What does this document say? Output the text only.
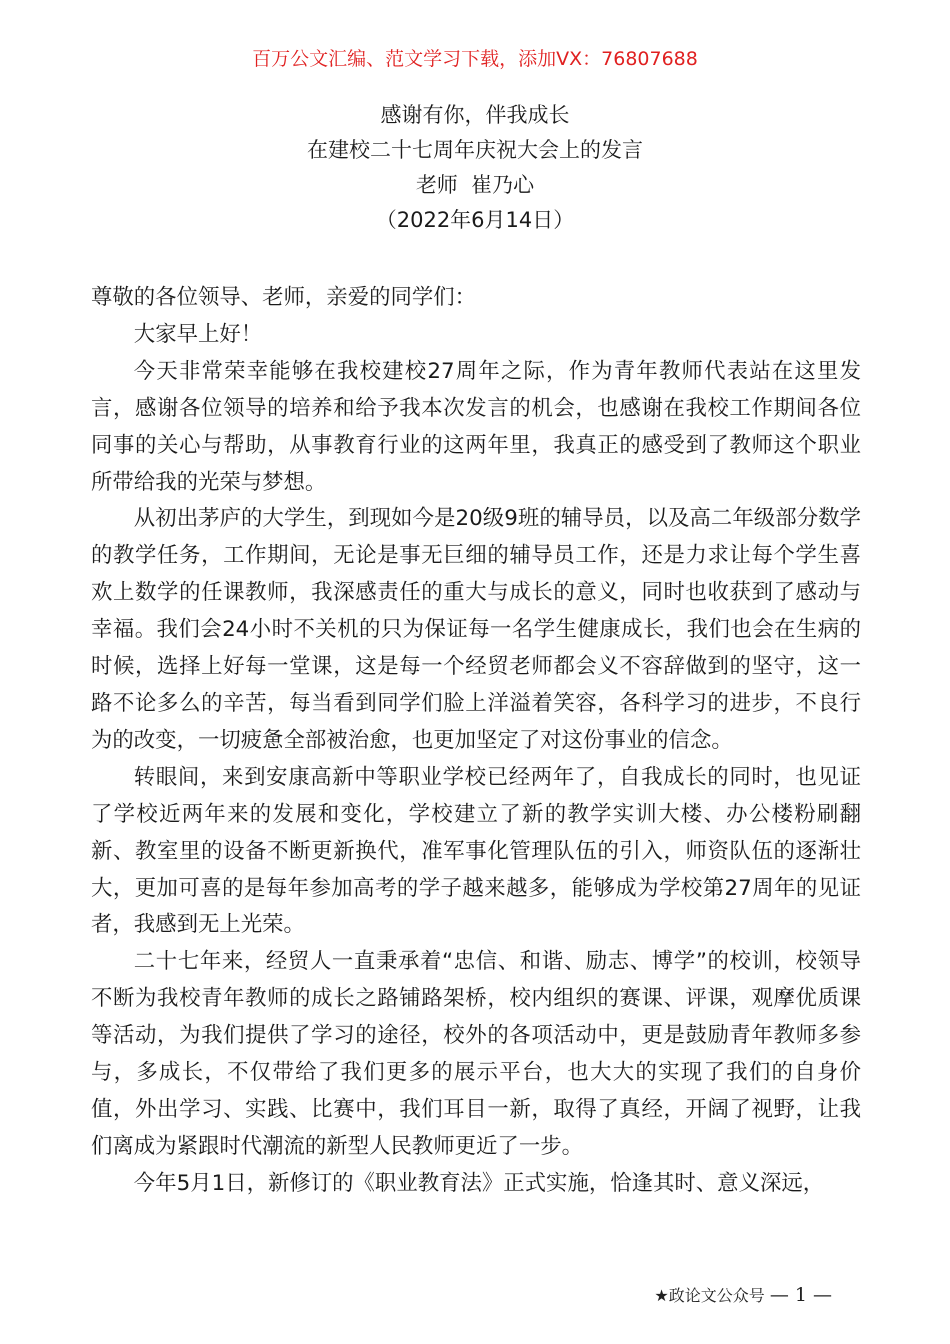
百万公文汇编、范文学习下载，添加VX：76807688
感谢有你，伴我成长
在建校二十七周年庆祝大会上的发言
老师  崔乃心
（2022年6月14日）

尊敬的各位领导、老师，亲爱的同学们：

大家早上好！

今天非常荣幸能够在我校建校27周年之际，作为青年教师代表站在这里发言，感谢各位领导的培养和给予我本次发言的机会，也感谢在我校工作期间各位同事的关心与帮助，从事教育行业的这两年里，我真正的感受到了教师这个职业所带给我的光荣与梦想。

从初出茅庐的大学生，到现如今是20级9班的辅导员，以及高二年级部分数学的教学任务，工作期间，无论是事无巨细的辅导员工作，还是力求让每个学生喜欢上数学的任课教师，我深感责任的重大与成长的意义，同时也收获到了感动与幸福。我们会24小时不关机的只为保证每一名学生健康成长，我们也会在生病的时候，选择上好每一堂课，这是每一个经贸老师都会义不容辞做到的坚守，这一路不论多么的辛苦，每当看到同学们脸上洋溢着笑容，各科学习的进步，不良行为的改变，一切疲惫全部被治愈，也更加坚定了对这份事业的信念。

转眼间，来到安康高新中等职业学校已经两年了，自我成长的同时，也见证了学校近两年来的发展和变化，学校建立了新的教学实训大楼、办公楼粉刷翻新、教室里的设备不断更新换代，准军事化管理队伍的引入，师资队伍的逐渐壮大，更加可喜的是每年参加高考的学子越来越多，能够成为学校第27周年的见证者，我感到无上光荣。

二十七年来，经贸人一直秉承着“忠信、和谐、励志、博学”的校训，校领导不断为我校青年教师的成长之路铺路架桥，校内组织的赛课、评课，观摩优质课等活动，为我们提供了学习的途径，校外的各项活动中，更是鼓励青年教师多参与，多成长，不仅带给了我们更多的展示平台，也大大的实现了我们的自身价值，外出学习、实践、比赛中，我们耳目一新，取得了真经，开阔了视野，让我们离成为紧跟时代潮流的新型人民教师更近了一步。

今年5月1日，新修订的《职业教育法》正式实施，恰逢其时、意义深远，

★政论文公众号 — 1 —
